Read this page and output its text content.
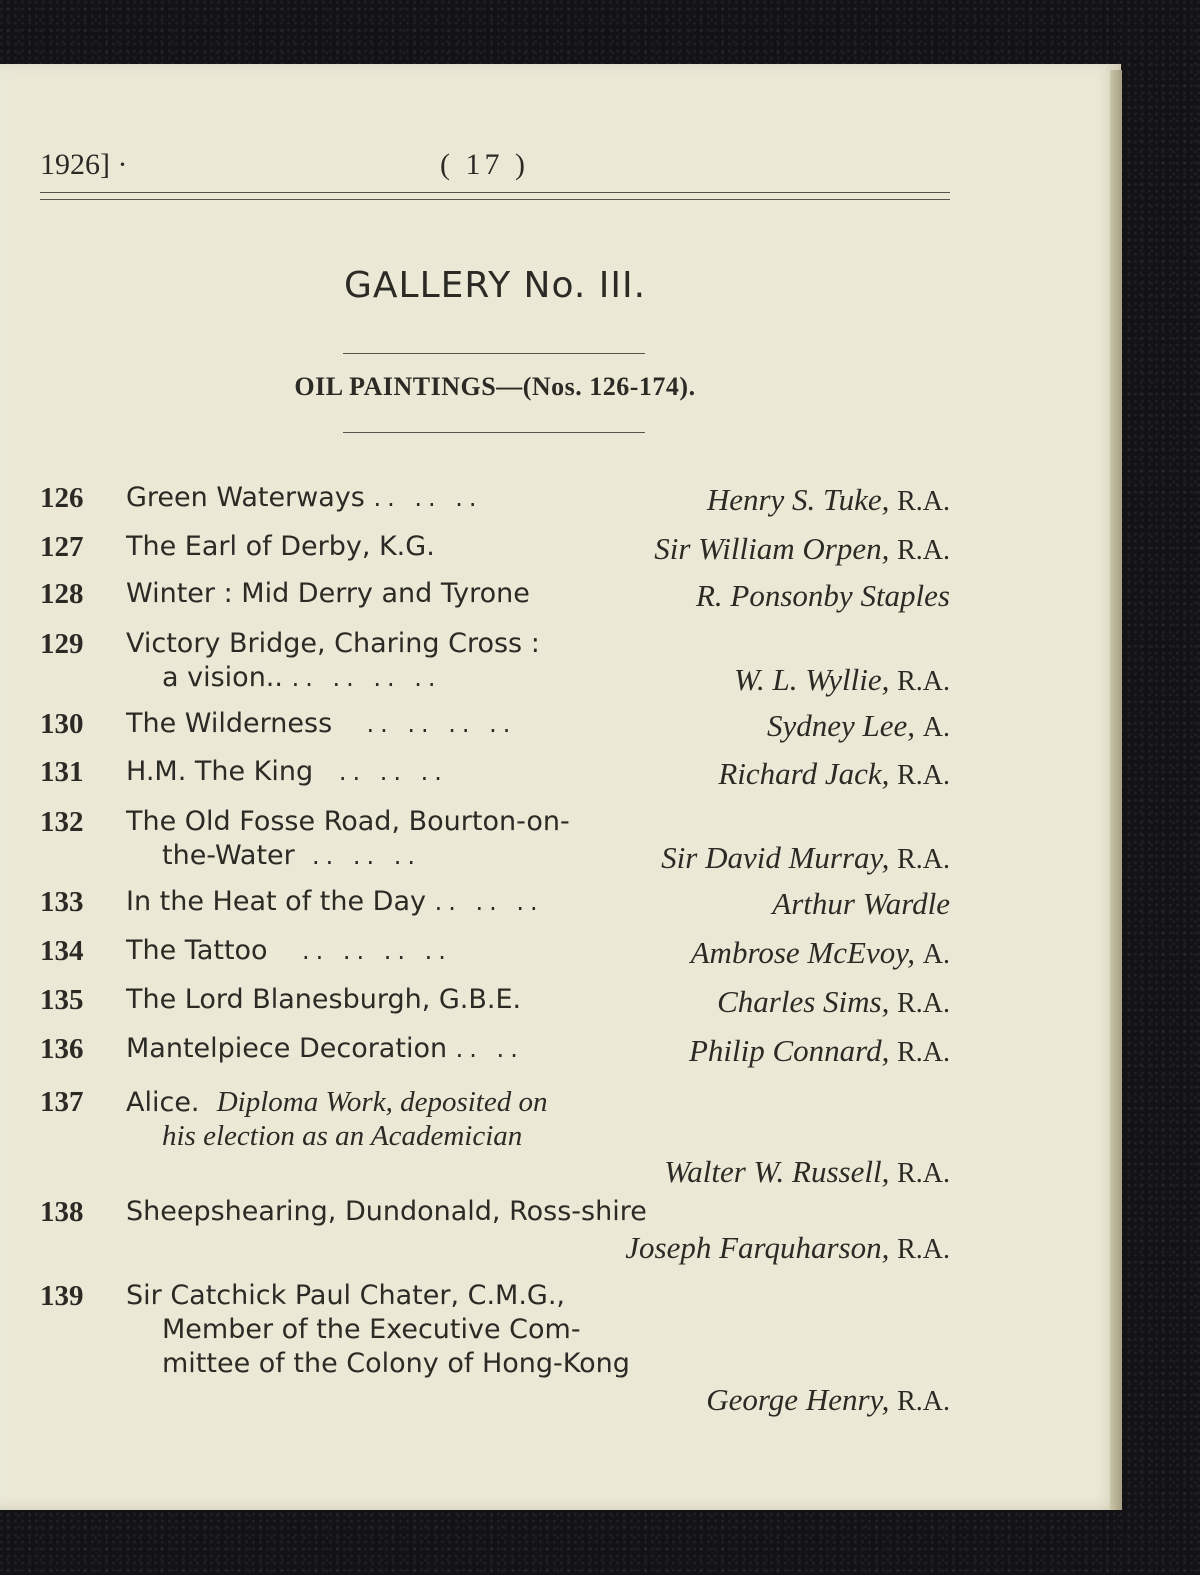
1926] ·	( 17 )
GALLERY No. III.
OIL PAINTINGS—(Nos. 126-174).
126 Green Waterways .. .. ..	Henry S. Tuke, R.A.
127 The Earl of Derby, K.G.	Sir William Orpen, R.A.
128 Winter : Mid Derry and Tyrone	R. Ponsonby Staples
129 Victory Bridge, Charing Cross :
a vision.. .. .. .. ..	W. L. Wyllie, R.A.
130 The Wilderness .. .. .. ..	Sydney Lee, A.
131 H.M. The King .. .. ..	Richard Jack, R.A.
132 The Old Fosse Road, Bourton-on-
the-Water .. .. ..	Sir David Murray, R.A.
133 In the Heat of the Day .. .. ..	Arthur Wardle
134 The Tattoo .. .. .. ..	Ambrose McEvoy, A.
135 The Lord Blanesburgh, G.B.E.	Charles Sims, R.A.
136 Mantelpiece Decoration .. ..	Philip Connard, R.A.
137 Alice. Diploma Work, deposited on
his election as an Academician
Walter W. Russell, R.A.
138 Sheepshearing, Dundonald, Ross-shire
Joseph Farquharson, R.A.
139 Sir Catchick Paul Chater, C.M.G.,
Member of the Executive Com-
mittee of the Colony of Hong-Kong
George Henry, R.A.
